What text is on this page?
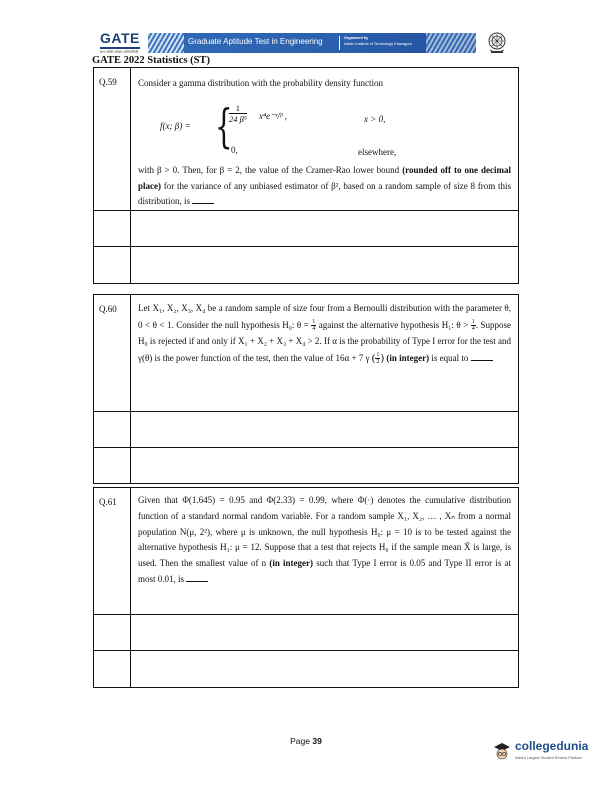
GATE
ज्ञान शक्ति परीक्षा अभियांत्रिकी
Graduate Aptitude Test in Engineering	Organised by
Indian Institute of Technology Kharagpur
GATE 2022 Statistics (ST)
Q.59 Consider a gamma distribution with the probability density function
f(x; β) = {
$\frac{1}{\text{24 β⁵}}$ x⁴e⁻ˣ/ᵝ ,	x > 0,
0,	elsewhere,
with β > 0. Then, for β = 2, the value of the Cramer-Rao lower bound (rounded off to one decimal place) for the variance of any unbiased estimator of β², based on a random sample of size 8 from this distribution, is
Q.60 Let X₁, X₂, X₃, X₄ be a random sample of size four from a Bernoulli distribution with the parameter θ, 0 < θ < 1. Consider the null hypothesis H₀: $\theta = \frac{1}{4}$ against the alternative hypothesis H₁: $\theta > \frac{1}{4}$ . Suppose H₀ is rejected if and only if X₁ + X₂ + X₃ + X₄ > 2. If α is the probability of Type I error for the test and γ(θ) is the power function of the test, then the value of 16α + 7 γ ( $\frac{1}{2}$ ) (in integer) is equal to
Q.61 Given that Φ(1.645) = 0.95 and Φ(2.33) = 0.99, where Φ(·) denotes the cumulative distribution function of a standard normal random variable. For a random sample X₁, X₂, … , Xₙ from a normal population N(μ, 2²), where μ is unknown, the null hypothesis H₀: μ = 10 is to be tested against the alternative hypothesis H₁: μ = 12. Suppose that a test that rejects H₀ if the sample mean X̄ is large, is used. Then the smallest value of n (in integer) such that Type I error is 0.05 and Type II error is at most 0.01, is
Page 39	collegedunia
India's Largest Student Review Platform
